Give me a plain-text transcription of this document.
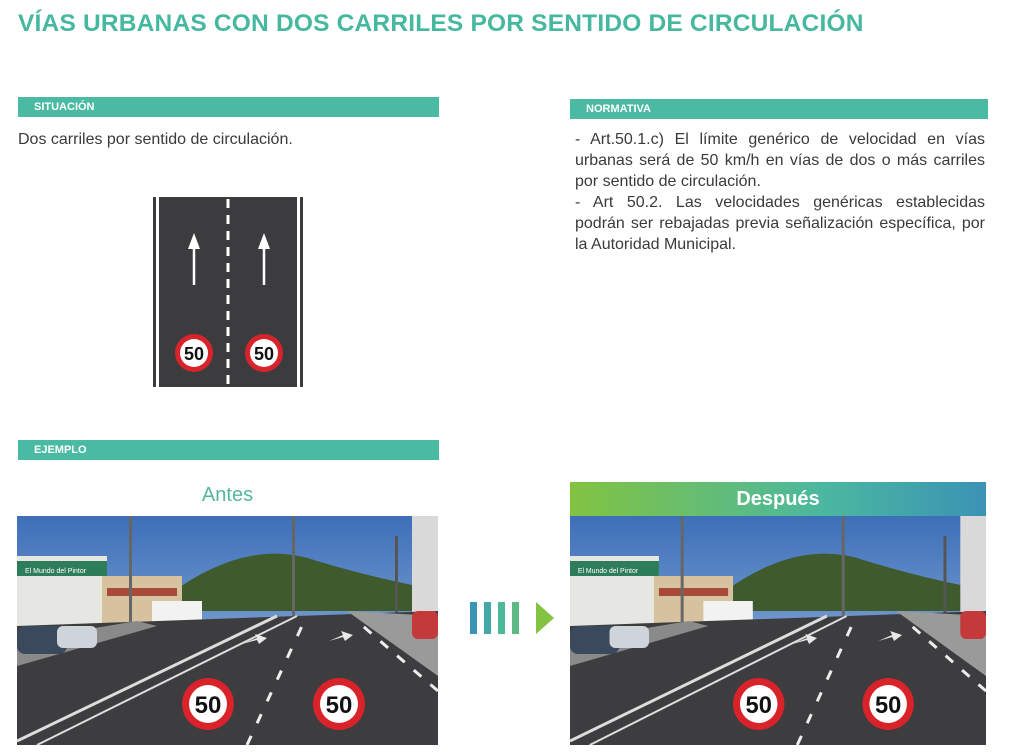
VÍAS URBANAS CON DOS CARRILES POR SENTIDO DE CIRCULACIÓN
SITUACIÓN
Dos carriles por sentido de circulación.
50	50
NORMATIVA

- Art.50.1.c) El límite genérico de velocidad en vías urbanas será de 50 km/h en vías de dos o más carriles por sentido de circulación.

- Art 50.2. Las velocidades genéricas establecidas podrán ser rebajadas previa señalización específica, por la Autoridad Municipal.

EJEMPLO
Antes	Después
El Mundo del Pintor
50	50
El Mundo del Pintor
50	50
